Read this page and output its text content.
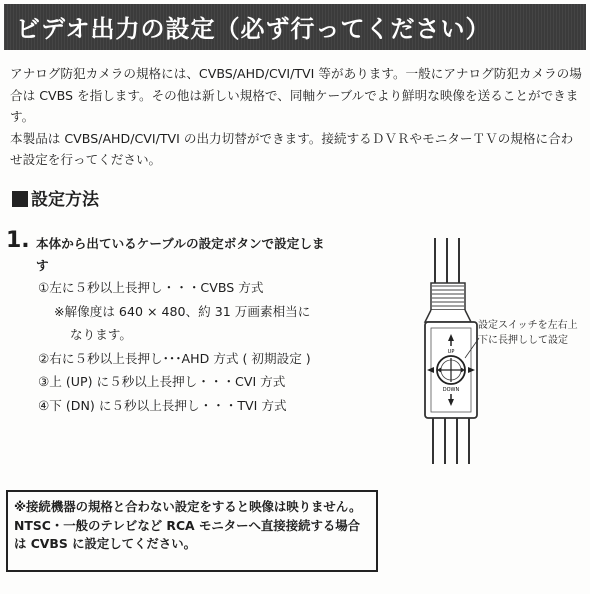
ビデオ出力の設定（必ず行ってください）

アナログ防犯カメラの規格には、CVBS/AHD/CVI/TVI 等があります。一般にアナログ防犯カメラの場合は CVBS を指します。その他は新しい規格で、同軸ケーブルでより鮮明な映像を送ることができます。

本製品は CVBS/AHD/CVI/TVI の出力切替ができます。接続するＤＶＲやモニターＴＶの規格に合わせ設定を行ってください。

設定方法
1. 本体から出ているケーブルの設定ボタンで設定します
①左に５秒以上長押し・・・CVBS 方式
※解像度は 640 × 480、約 31 万画素相当に
なります。
②右に５秒以上長押し･･･AHD 方式 ( 初期設定 )
③上 (UP) に５秒以上長押し・・・CVI 方式
④下 (DN) に５秒以上長押し・・・TVI 方式
UP
DOWN
設定スイッチを左右上下に長押しして設定
※接続機器の規格と合わない設定をすると映像は映りません。
NTSC・一般のテレビなど RCA モニターへ直接接続する場合は CVBS に設定してください。
